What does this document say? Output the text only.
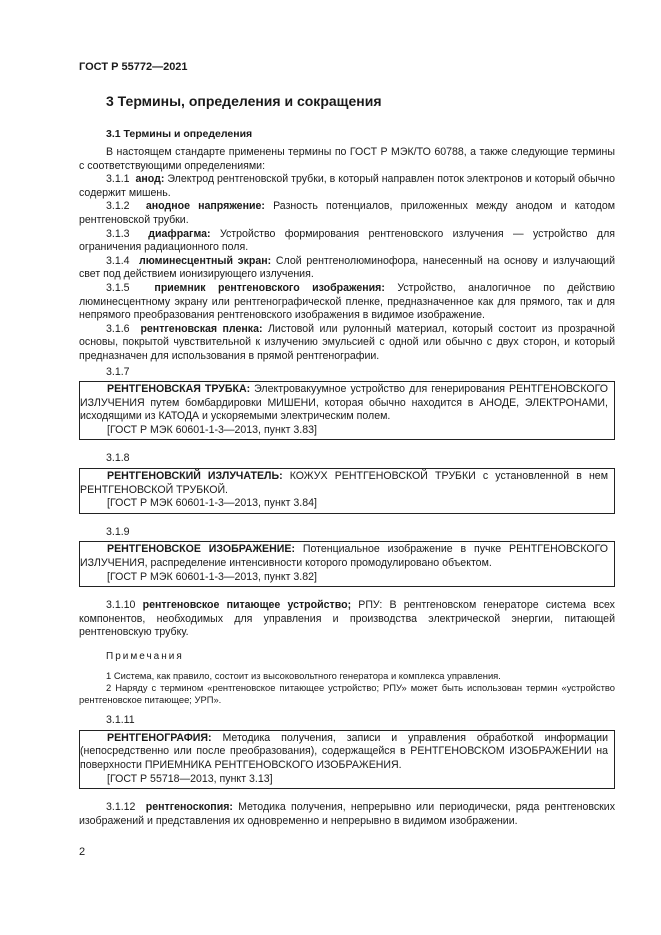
ГОСТ Р 55772—2021
3 Термины, определения и сокращения
3.1 Термины и определения

В настоящем стандарте применены термины по ГОСТ Р МЭК/ТО 60788, а также следующие термины с соответствующими определениями:

3.1.1 анод: Электрод рентгеновской трубки, в который направлен поток электронов и который обычно содержит мишень.

3.1.2 анодное напряжение: Разность потенциалов, приложенных между анодом и катодом рентгеновской трубки.

3.1.3 диафрагма: Устройство формирования рентгеновского излучения — устройство для ограничения радиационного поля.

3.1.4 люминесцентный экран: Слой рентгенолюминофора, нанесенный на основу и излучающий свет под действием ионизирующего излучения.

3.1.5 приемник рентгеновского изображения: Устройство, аналогичное по действию люминесцентному экрану или рентгенографической пленке, предназначенное как для прямого, так и для непрямого преобразования рентгеновского изображения в видимое изображение.

3.1.6 рентгеновская пленка: Листовой или рулонный материал, который состоит из прозрачной основы, покрытой чувствительной к излучению эмульсией с одной или обычно с двух сторон, и который предназначен для использования в прямой рентгенографии.

3.1.7

РЕНТГЕНОВСКАЯ ТРУБКА: Электровакуумное устройство для генерирования РЕНТГЕНОВСКОГО ИЗЛУЧЕНИЯ путем бомбардировки МИШЕНИ, которая обычно находится в АНОДЕ, ЭЛЕКТРОНАМИ, исходящими из КАТОДА и ускоряемыми электрическим полем.

[ГОСТ Р МЭК 60601-1-3—2013, пункт 3.83]
3.1.8

РЕНТГЕНОВСКИЙ ИЗЛУЧАТЕЛЬ: КОЖУХ РЕНТГЕНОВСКОЙ ТРУБКИ с установленной в нем РЕНТГЕНОВСКОЙ ТРУБКОЙ.

[ГОСТ Р МЭК 60601-1-3—2013, пункт 3.84]
3.1.9

РЕНТГЕНОВСКОЕ ИЗОБРАЖЕНИЕ: Потенциальное изображение в пучке РЕНТГЕНОВСКОГО ИЗЛУЧЕНИЯ, распределение интенсивности которого промодулировано объектом.

[ГОСТ Р МЭК 60601-1-3—2013, пункт 3.82]

3.1.10 рентгеновское питающее устройство; РПУ: В рентгеновском генераторе система всех компонентов, необходимых для управления и производства электрической энергии, питающей рентгеновскую трубку.

Примечания

1 Система, как правило, состоит из высоковольтного генератора и комплекса управления.

2 Наряду с термином «рентгеновское питающее устройство; РПУ» может быть использован термин «устройство рентгеновское питающее; УРП».

3.1.11

РЕНТГЕНОГРАФИЯ: Методика получения, записи и управления обработкой информации (непосредственно или после преобразования), содержащейся в РЕНТГЕНОВСКОМ ИЗОБРАЖЕНИИ на поверхности ПРИЕМНИКА РЕНТГЕНОВСКОГО ИЗОБРАЖЕНИЯ.

[ГОСТ Р 55718—2013, пункт 3.13]

3.1.12 рентгеноскопия: Методика получения, непрерывно или периодически, ряда рентгеновских изображений и представления их одновременно и непрерывно в видимом изображении.

2
